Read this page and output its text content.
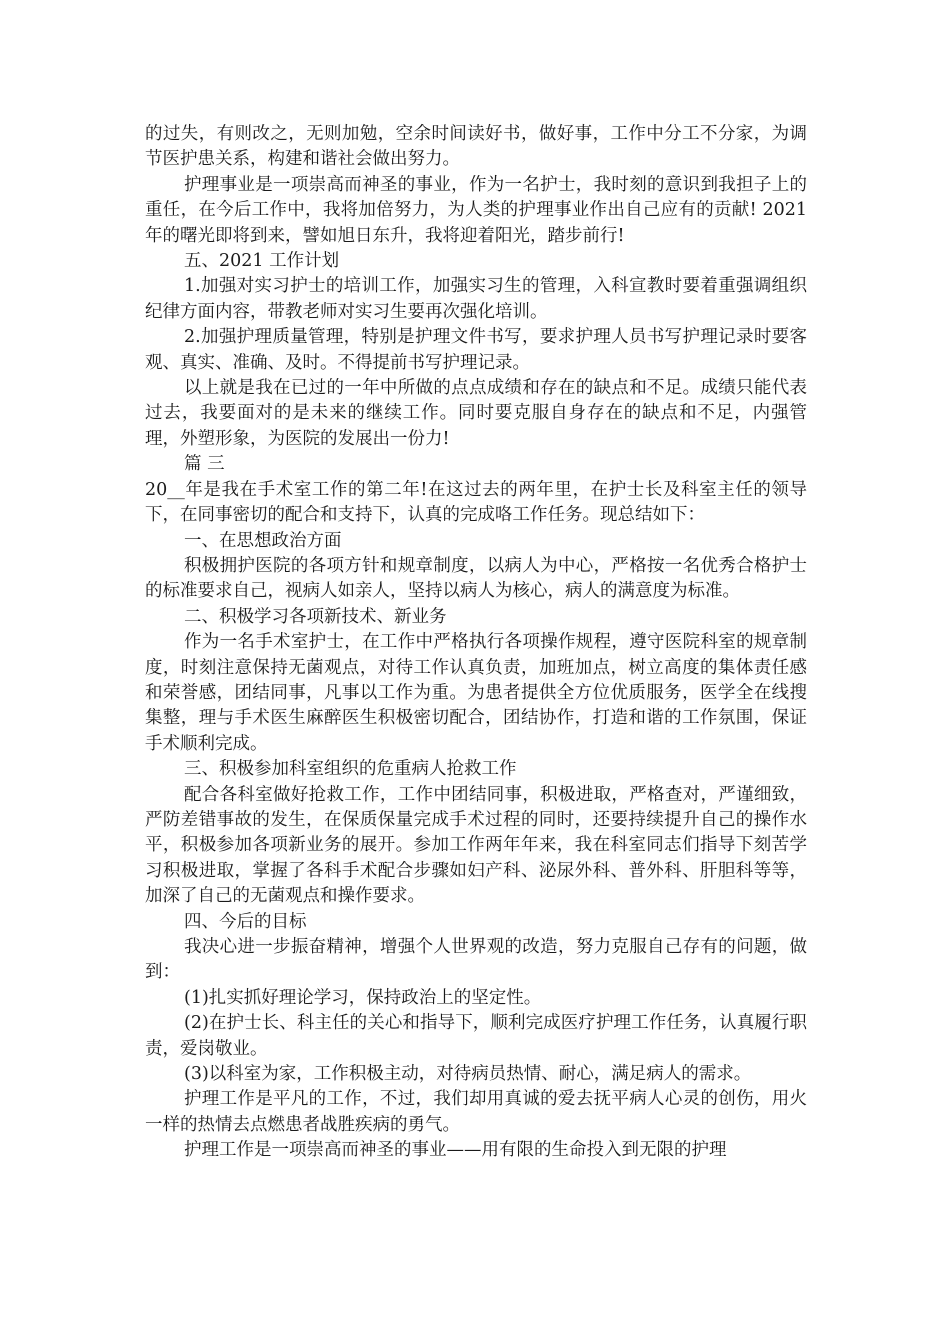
的过失，有则改之，无则加勉，空余时间读好书，做好事，工作中分工不分家，为调节医护患关系，构建和谐社会做出努力。

护理事业是一项崇高而神圣的事业，作为一名护士，我时刻的意识到我担子上的重任，在今后工作中，我将加倍努力，为人类的护理事业作出自己应有的贡献! 2021 年的曙光即将到来，譬如旭日东升，我将迎着阳光，踏步前行!

五、2021 工作计划

1.加强对实习护士的培训工作，加强实习生的管理，入科宣教时要着重强调组织纪律方面内容，带教老师对实习生要再次强化培训。

2.加强护理质量管理，特别是护理文件书写，要求护理人员书写护理记录时要客观、真实、准确、及时。不得提前书写护理记录。

以上就是我在已过的一年中所做的点点成绩和存在的缺点和不足。成绩只能代表过去，我要面对的是未来的继续工作。同时要克服自身存在的缺点和不足，内强管理，外塑形象，为医院的发展出一份力!

篇 三

20__年是我在手术室工作的第二年!在这过去的两年里，在护士长及科室主任的领导下，在同事密切的配合和支持下，认真的完成咯工作任务。现总结如下：

一、在思想政治方面

积极拥护医院的各项方针和规章制度，以病人为中心，严格按一名优秀合格护士的标准要求自己，视病人如亲人，坚持以病人为核心，病人的满意度为标准。

二、积极学习各项新技术、新业务

作为一名手术室护士，在工作中严格执行各项操作规程，遵守医院科室的规章制度，时刻注意保持无菌观点，对待工作认真负责，加班加点，树立高度的集体责任感和荣誉感，团结同事，凡事以工作为重。为患者提供全方位优质服务，医学全在线搜集整，理与手术医生麻醉医生积极密切配合，团结协作，打造和谐的工作氛围，保证手术顺利完成。

三、积极参加科室组织的危重病人抢救工作

配合各科室做好抢救工作，工作中团结同事，积极进取，严格查对，严谨细致，严防差错事故的发生，在保质保量完成手术过程的同时，还要持续提升自己的操作水平，积极参加各项新业务的展开。参加工作两年年来，我在科室同志们指导下刻苦学习积极进取，掌握了各科手术配合步骤如妇产科、泌尿外科、普外科、肝胆科等等，加深了自己的无菌观点和操作要求。

四、今后的目标

我决心进一步振奋精神，增强个人世界观的改造，努力克服自己存有的问题，做到：

(1)扎实抓好理论学习，保持政治上的坚定性。

(2)在护士长、科主任的关心和指导下，顺利完成医疗护理工作任务，认真履行职责，爱岗敬业。

(3)以科室为家，工作积极主动，对待病员热情、耐心，满足病人的需求。

护理工作是平凡的工作，不过，我们却用真诚的爱去抚平病人心灵的创伤，用火一样的热情去点燃患者战胜疾病的勇气。

护理工作是一项崇高而神圣的事业——用有限的生命投入到无限的护理
